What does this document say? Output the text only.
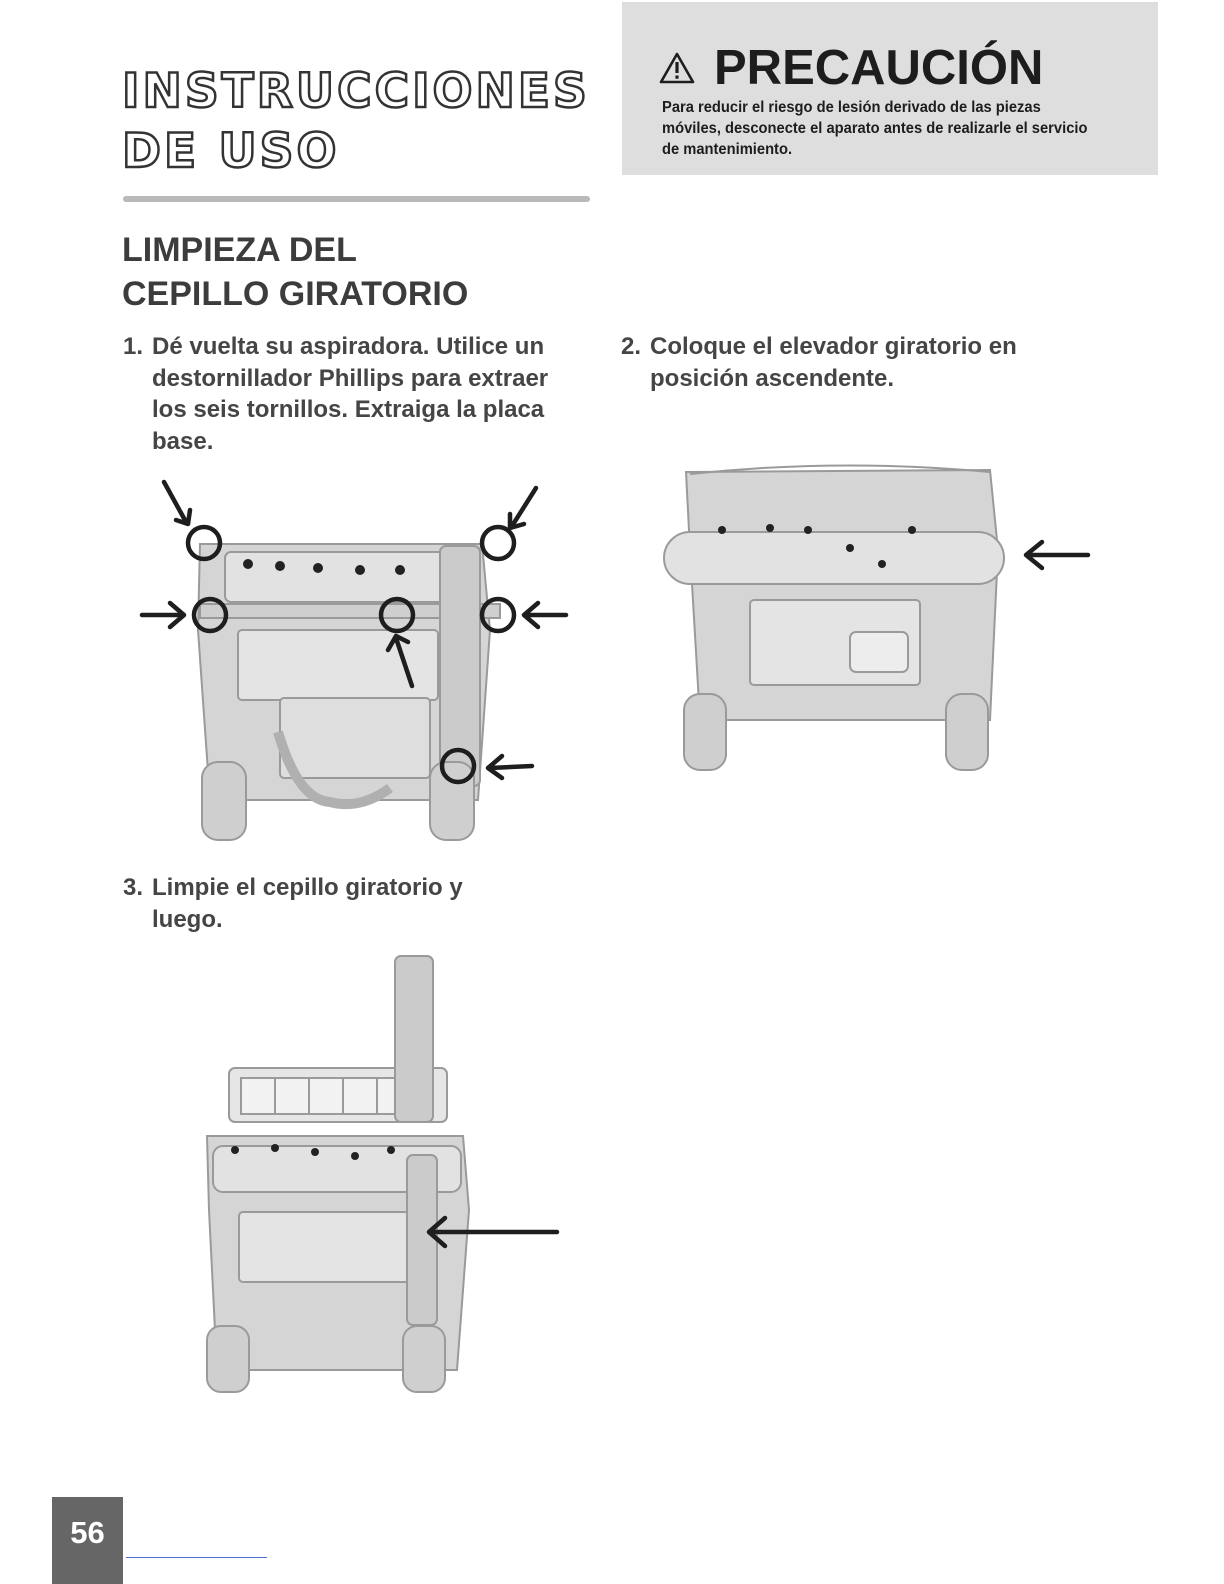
INSTRUCCIONES
DE USO
PRECAUCIÓN
Para reducir el riesgo de lesión derivado de las piezas móviles, desconecte el aparato antes de realizarle el servicio de mantenimiento.
LIMPIEZA DEL
CEPILLO GIRATORIO

1. Dé vuelta su aspiradora. Utilice un destornillador Phillips para extraer los seis tornillos. Extraiga la placa base.

2. Coloque el elevador giratorio en posición ascendente.

3. Limpie el cepillo giratorio y luego.

56
